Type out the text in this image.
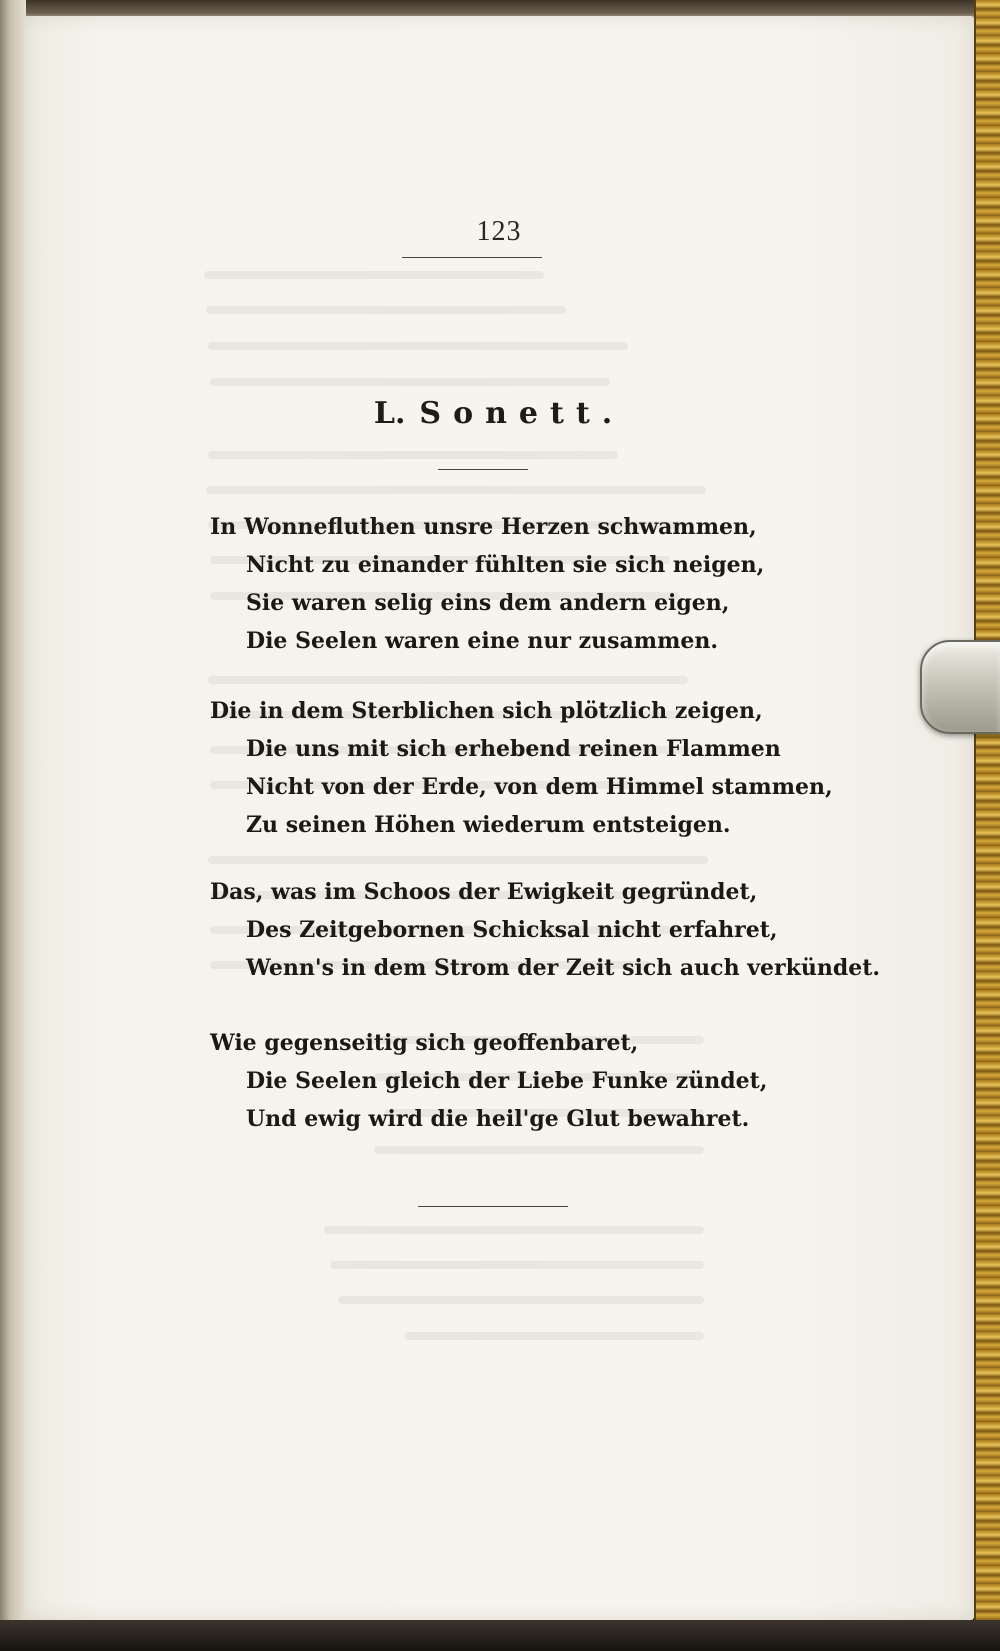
123
L. Sonett.
In Wonnefluthen unsre Herzen schwammen,
Nicht zu einander fühlten sie sich neigen,
Sie waren selig eins dem andern eigen,
Die Seelen waren eine nur zusammen.
Die in dem Sterblichen sich plötzlich zeigen,
Die uns mit sich erhebend reinen Flammen
Nicht von der Erde, von dem Himmel stammen,
Zu seinen Höhen wiederum entsteigen.
Das, was im Schoos der Ewigkeit gegründet,
Des Zeitgebornen Schicksal nicht erfahret,
Wenn's in dem Strom der Zeit sich auch verkündet.
Wie gegenseitig sich geoffenbaret,
Die Seelen gleich der Liebe Funke zündet,
Und ewig wird die heil'ge Glut bewahret.
